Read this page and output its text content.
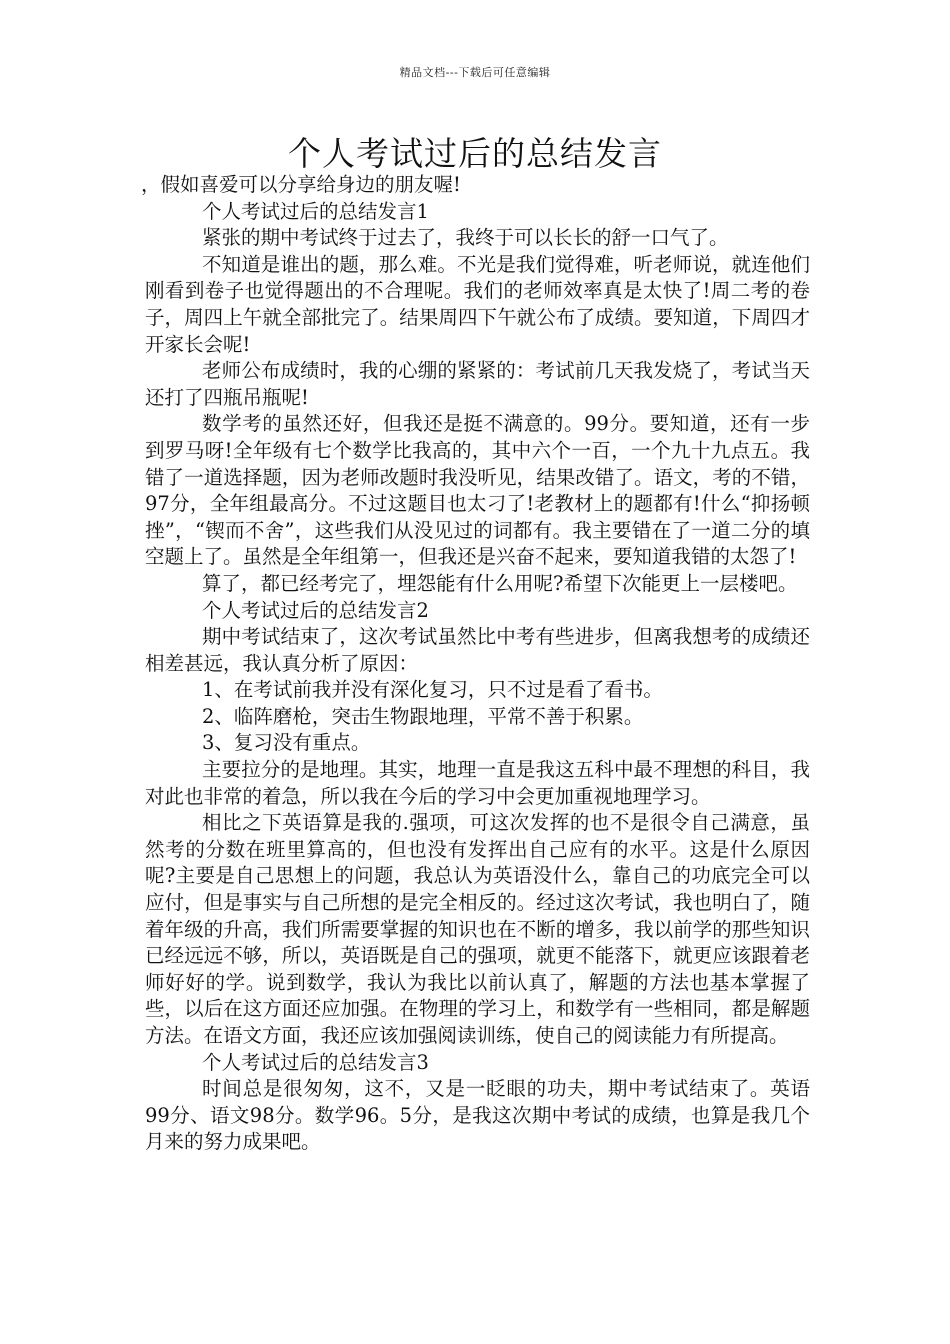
精品文档---下载后可任意编辑
个人考试过后的总结发言

，假如喜爱可以分享给身边的朋友喔!

个人考试过后的总结发言1

紧张的期中考试终于过去了，我终于可以长长的舒一口气了。

不知道是谁出的题，那么难。不光是我们觉得难，听老师说，就连他们刚看到卷子也觉得题出的不合理呢。我们的老师效率真是太快了!周二考的卷子，周四上午就全部批完了。结果周四下午就公布了成绩。要知道，下周四才开家长会呢!

老师公布成绩时，我的心绷的紧紧的：考试前几天我发烧了，考试当天还打了四瓶吊瓶呢!

数学考的虽然还好，但我还是挺不满意的。99分。要知道，还有一步到罗马呀!全年级有七个数学比我高的，其中六个一百，一个九十九点五。我错了一道选择题，因为老师改题时我没听见，结果改错了。语文，考的不错，97分，全年组最高分。不过这题目也太刁了!老教材上的题都有!什么“抑扬顿挫”，“锲而不舍”，这些我们从没见过的词都有。我主要错在了一道二分的填空题上了。虽然是全年组第一，但我还是兴奋不起来，要知道我错的太怨了!

算了，都已经考完了，埋怨能有什么用呢?希望下次能更上一层楼吧。

个人考试过后的总结发言2

期中考试结束了，这次考试虽然比中考有些进步，但离我想考的成绩还相差甚远，我认真分析了原因：

1、在考试前我并没有深化复习，只不过是看了看书。

2、临阵磨枪，突击生物跟地理，平常不善于积累。

3、复习没有重点。

主要拉分的是地理。其实，地理一直是我这五科中最不理想的科目，我对此也非常的着急，所以我在今后的学习中会更加重视地理学习。

相比之下英语算是我的.强项，可这次发挥的也不是很令自己满意，虽然考的分数在班里算高的，但也没有发挥出自己应有的水平。这是什么原因呢?主要是自己思想上的问题，我总认为英语没什么，靠自己的功底完全可以应付，但是事实与自己所想的是完全相反的。经过这次考试，我也明白了，随着年级的升高，我们所需要掌握的知识也在不断的增多，我以前学的那些知识已经远远不够，所以，英语既是自己的强项，就更不能落下，就更应该跟着老师好好的学。说到数学，我认为我比以前认真了，解题的方法也基本掌握了些，以后在这方面还应加强。在物理的学习上，和数学有一些相同，都是解题方法。在语文方面，我还应该加强阅读训练，使自己的阅读能力有所提高。

个人考试过后的总结发言3

时间总是很匆匆，这不，又是一眨眼的功夫，期中考试结束了。英语99分、语文98分。数学96。5分，是我这次期中考试的成绩，也算是我几个月来的努力成果吧。
